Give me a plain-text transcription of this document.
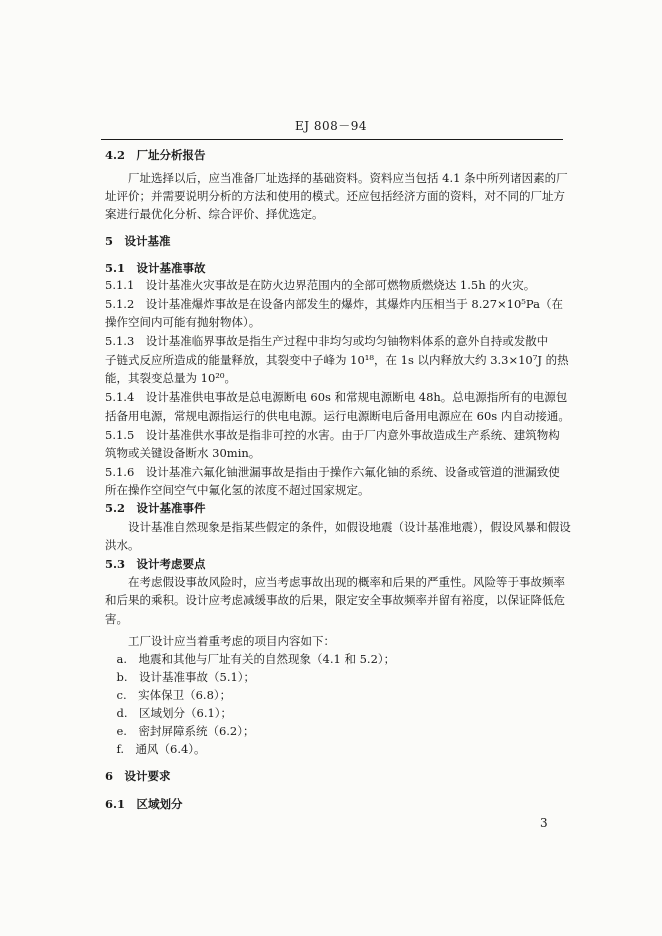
EJ 808－94
4.2　厂址分析报告
　　厂址选择以后，应当准备厂址选择的基础资料。资料应当包括 4.1 条中所列诸因素的厂
址评价；并需要说明分析的方法和使用的模式。还应包括经济方面的资料，对不同的厂址方
案进行最优化分析、综合评价、择优选定。
5　设计基准
5.1　设计基准事故
5.1.1　设计基准火灾事故是在防火边界范围内的全部可燃物质燃烧达 1.5h 的火灾。
5.1.2　设计基准爆炸事故是在设备内部发生的爆炸，其爆炸内压相当于 8.27×10⁵Pa（在
操作空间内可能有抛射物体）。
5.1.3　设计基准临界事故是指生产过程中非均匀或均匀铀物料体系的意外自持或发散中
子链式反应所造成的能量释放，其裂变中子峰为 10¹⁸，在 1s 以内释放大约 3.3×10⁷J 的热
能，其裂变总量为 10²⁰。
5.1.4　设计基准供电事故是总电源断电 60s 和常规电源断电 48h。总电源指所有的电源包
括备用电源，常规电源指运行的供电电源。运行电源断电后备用电源应在 60s 内自动接通。
5.1.5　设计基准供水事故是指非可控的水害。由于厂内意外事故造成生产系统、建筑物构
筑物或关键设备断水 30min。
5.1.6　设计基准六氟化铀泄漏事故是指由于操作六氟化铀的系统、设备或管道的泄漏致使
所在操作空间空气中氟化氢的浓度不超过国家规定。
5.2　设计基准事件
　　设计基准自然现象是指某些假定的条件，如假设地震（设计基准地震），假设风暴和假设
洪水。
5.3　设计考虑要点
　　在考虑假设事故风险时，应当考虑事故出现的概率和后果的严重性。风险等于事故频率
和后果的乘积。设计应考虑减缓事故的后果，限定安全事故频率并留有裕度，以保证降低危
害。
　　工厂设计应当着重考虑的项目内容如下：
　a.　地震和其他与厂址有关的自然现象（4.1 和 5.2）；
　b.　设计基准事故（5.1）；
　c.　实体保卫（6.8）；
　d.　区域划分（6.1）；
　e.　密封屏障系统（6.2）；
　f.　通风（6.4）。
6　设计要求
6.1　区域划分
3
